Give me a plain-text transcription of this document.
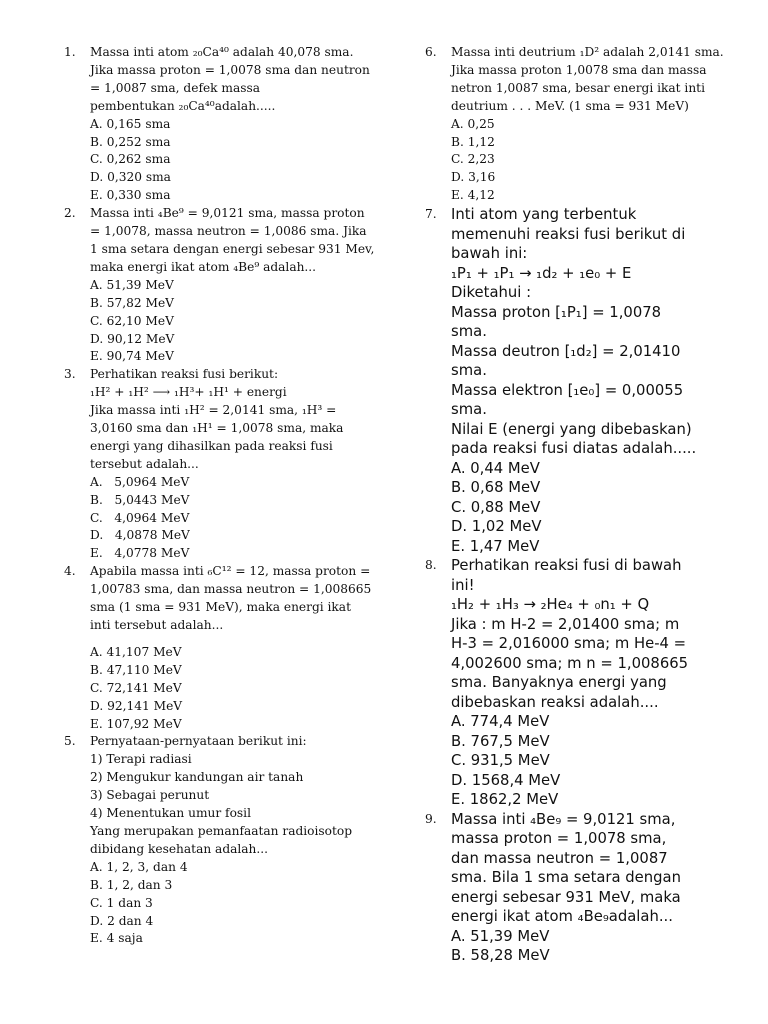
1.	Massa inti atom ₂₀Ca⁴⁰ adalah 40,078 sma.
Jika massa proton = 1,0078 sma dan neutron
= 1,0087 sma, defek massa
pembentukan ₂₀Ca⁴⁰adalah.....
A. 0,165 sma
B. 0,252 sma
C. 0,262 sma
D. 0,320 sma
E. 0,330 sma
2.	Massa inti ₄Be⁹ = 9,0121 sma, massa proton
= 1,0078, massa neutron = 1,0086 sma. Jika
1 sma setara dengan energi sebesar 931 Mev,
maka energi ikat atom ₄Be⁹ adalah...
A. 51,39 MeV
B. 57,82 MeV
C. 62,10 MeV
D. 90,12 MeV
E. 90,74 MeV
3.	Perhatikan reaksi fusi berikut:
₁H² + ₁H² ⟶ ₁H³+ ₁H¹ + energi
Jika massa inti ₁H² = 2,0141 sma, ₁H³ =
3,0160 sma dan ₁H¹ = 1,0078 sma, maka
energi yang dihasilkan pada reaksi fusi
tersebut adalah...
A.   5,0964 MeV
B.   5,0443 MeV
C.   4,0964 MeV
D.   4,0878 MeV
E.   4,0778 MeV
4.	Apabila massa inti ₆C¹² = 12, massa proton =
1,00783 sma, dan massa neutron = 1,008665
sma (1 sma = 931 MeV), maka energi ikat
inti tersebut adalah...
A. 41,107 MeV
B. 47,110 MeV
C. 72,141 MeV
D. 92,141 MeV
E. 107,92 MeV
5.	Pernyataan-pernyataan berikut ini:
1) Terapi radiasi
2) Mengukur kandungan air tanah
3) Sebagai perunut
4) Menentukan umur fosil
Yang merupakan pemanfaatan radioisotop
dibidang kesehatan adalah...
A. 1, 2, 3, dan 4
B. 1, 2, dan 3
C. 1 dan 3
D. 2 dan 4
E. 4 saja
6.	Massa inti deutrium ₁D² adalah 2,0141 sma.
Jika massa proton 1,0078 sma dan massa
netron 1,0087 sma, besar energi ikat inti
deutrium . . . MeV. (1 sma = 931 MeV)
A. 0,25
B. 1,12
C. 2,23
D. 3,16
E. 4,12
7. Inti atom yang terbentuk
memenuhi reaksi fusi berikut di
bawah ini:
₁P₁ + ₁P₁ → ₁d₂ + ₁e₀ + E
Diketahui :
Massa proton [₁P₁] = 1,0078
sma.
Massa deutron [₁d₂] = 2,01410
sma.
Massa elektron [₁e₀] = 0,00055
sma.
Nilai E (energi yang dibebaskan)
pada reaksi fusi diatas adalah.....
A. 0,44 MeV
B. 0,68 MeV
C. 0,88 MeV
D. 1,02 MeV
E. 1,47 MeV
8. Perhatikan reaksi fusi di bawah
ini!
₁H₂ + ₁H₃ → ₂He₄ + ₀n₁ + Q
Jika : m H-2 = 2,01400 sma; m
H-3 = 2,016000 sma; m He-4 =
4,002600 sma; m n = 1,008665
sma. Banyaknya energi yang
dibebaskan reaksi adalah....
A. 774,4 MeV
B. 767,5 MeV
C. 931,5 MeV
D. 1568,4 MeV
E. 1862,2 MeV
9. Massa inti ₄Be₉ = 9,0121 sma,
massa proton = 1,0078 sma,
dan massa neutron = 1,0087
sma. Bila 1 sma setara dengan
energi sebesar 931 MeV, maka
energi ikat atom ₄Be₉adalah...
A. 51,39 MeV
B. 58,28 MeV
